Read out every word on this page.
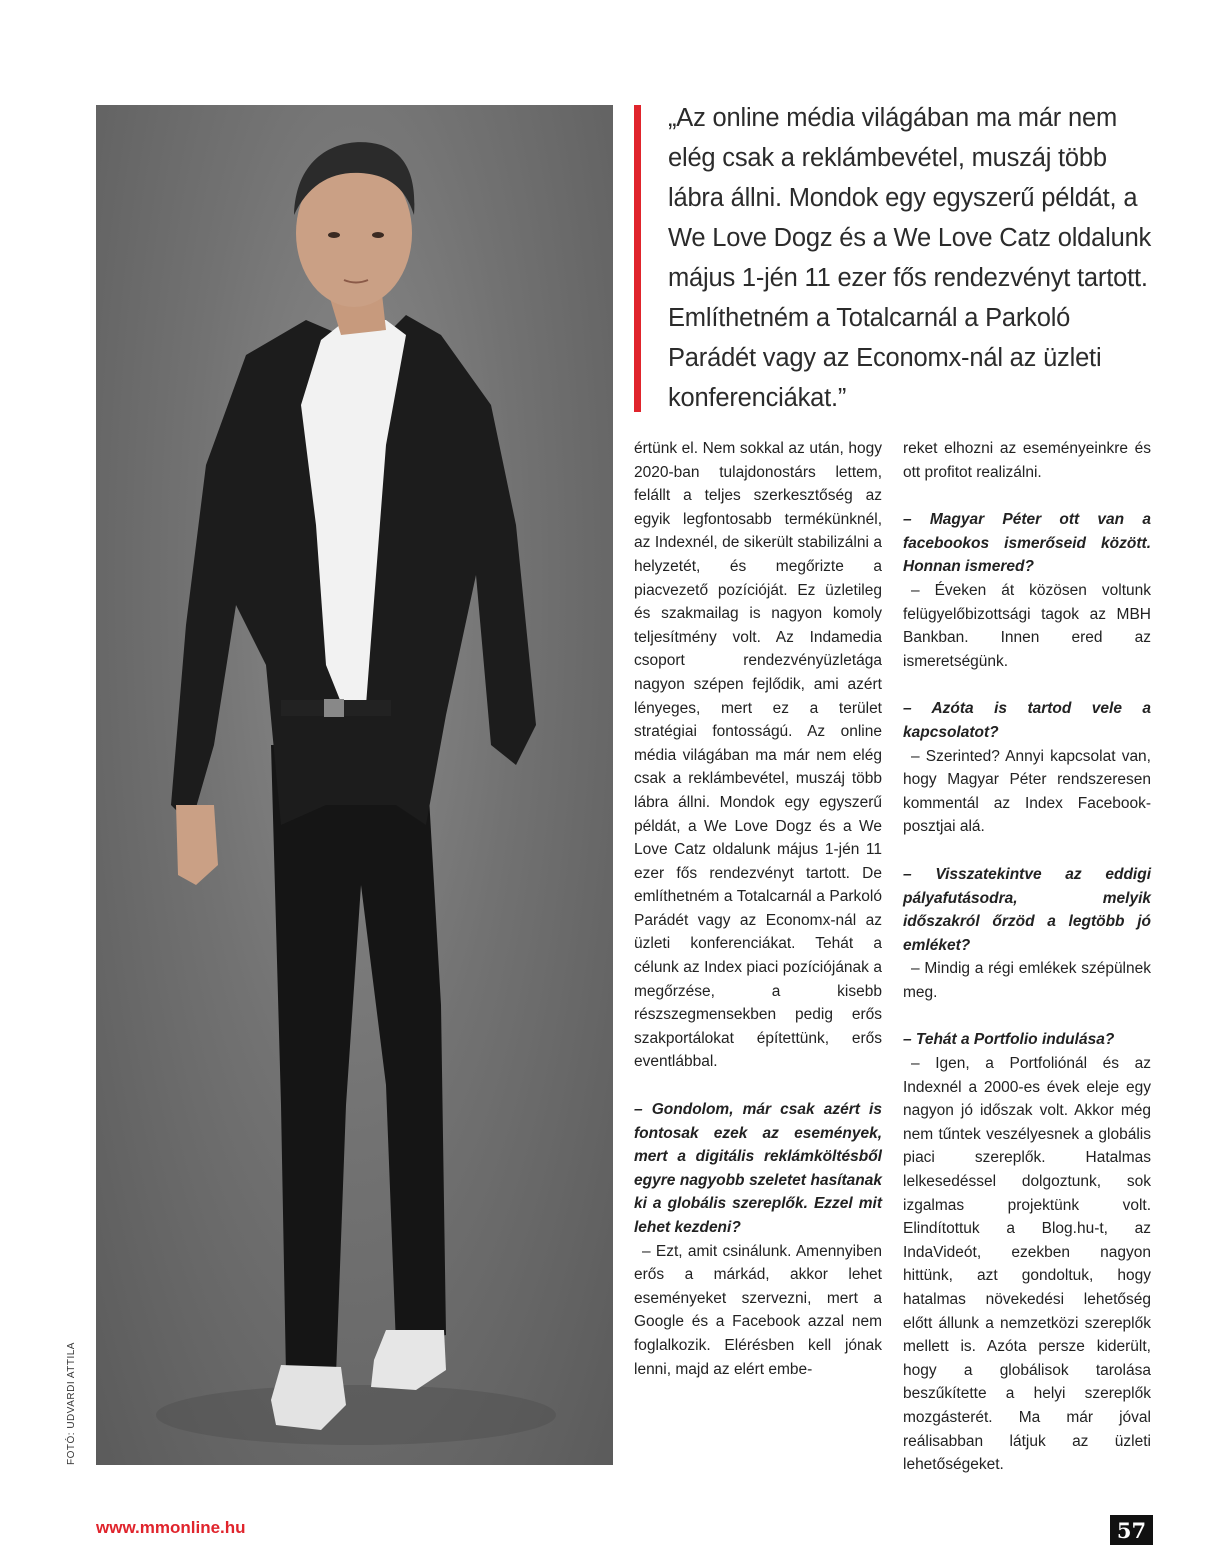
FOTÓ: UDVARDI ATTILA
„Az online média világában ma már nem elég csak a reklámbevétel, muszáj több lábra állni. Mondok egy egyszerű példát, a We Love Dogz és a We Love Catz oldalunk május 1-jén 11 ezer fős rendezvényt tartott. Említhetném a Totalcarnál a Parkoló Parádét vagy az Economx-nál az üzleti konferenciákat.”

értünk el. Nem sokkal az után, hogy 2020-ban tulajdonostárs lettem, felállt a teljes szerkesztőség az egyik legfontosabb termékünknél, az Indexnél, de sikerült stabilizálni a helyzetét, és megőrizte a piacvezető pozícióját. Ez üzletileg és szakmailag is nagyon komoly teljesítmény volt. Az Indamedia csoport rendezvényüzletága nagyon szépen fejlődik, ami azért lényeges, mert ez a terület stratégiai fontosságú. Az online média világában ma már nem elég csak a reklámbevétel, muszáj több lábra állni. Mondok egy egyszerű példát, a We Love Dogz és a We Love Catz oldalunk május 1-jén 11 ezer fős rendezvényt tartott. De említhetném a Totalcarnál a Parkoló Parádét vagy az Economx-nál az üzleti konferenciákat. Tehát a célunk az Index piaci pozíciójának a megőrzése, a kisebb részszegmensekben pedig erős szakportálokat építettünk, erős eventlábbal.

– Gondolom, már csak azért is fontosak ezek az események, mert a digitális reklámköltésből egyre nagyobb szeletet hasítanak ki a globális szereplők. Ezzel mit lehet kezdeni?

– Ezt, amit csinálunk. Amennyiben erős a márkád, akkor lehet eseményeket szervezni, mert a Google és a Facebook azzal nem foglalkozik. Elérésben kell jónak lenni, majd az elért embe-

reket elhozni az eseményeinkre és ott profitot realizálni.

– Magyar Péter ott van a facebookos ismerőseid között. Honnan ismered?

– Éveken át közösen voltunk felügyelőbizottsági tagok az MBH Bankban. Innen ered az ismeretségünk.

– Azóta is tartod vele a kapcsolatot?

– Szerinted? Annyi kapcsolat van, hogy Magyar Péter rendszeresen kommentál az Index Facebook-posztjai alá.

– Visszatekintve az eddigi pályafutásodra, melyik időszakról őrzöd a legtöbb jó emléket?

– Mindig a régi emlékek szépülnek meg.

– Tehát a Portfolio indulása?

– Igen, a Portfoliónál és az Indexnél a 2000-es évek eleje egy nagyon jó időszak volt. Akkor még nem tűntek veszélyesnek a globális piaci szereplők. Hatalmas lelkesedéssel dolgoztunk, sok izgalmas projektünk volt. Elindítottuk a Blog.hu-t, az IndaVideót, ezekben nagyon hittünk, azt gondoltuk, hogy hatalmas növekedési lehetőség előtt állunk a nemzetközi szereplők mellett is. Azóta persze kiderült, hogy a globálisok tarolása beszűkítette a helyi szereplők mozgásterét. Ma már jóval reálisabban látjuk az üzleti lehetőségeket.

www.mmonline.hu	57
